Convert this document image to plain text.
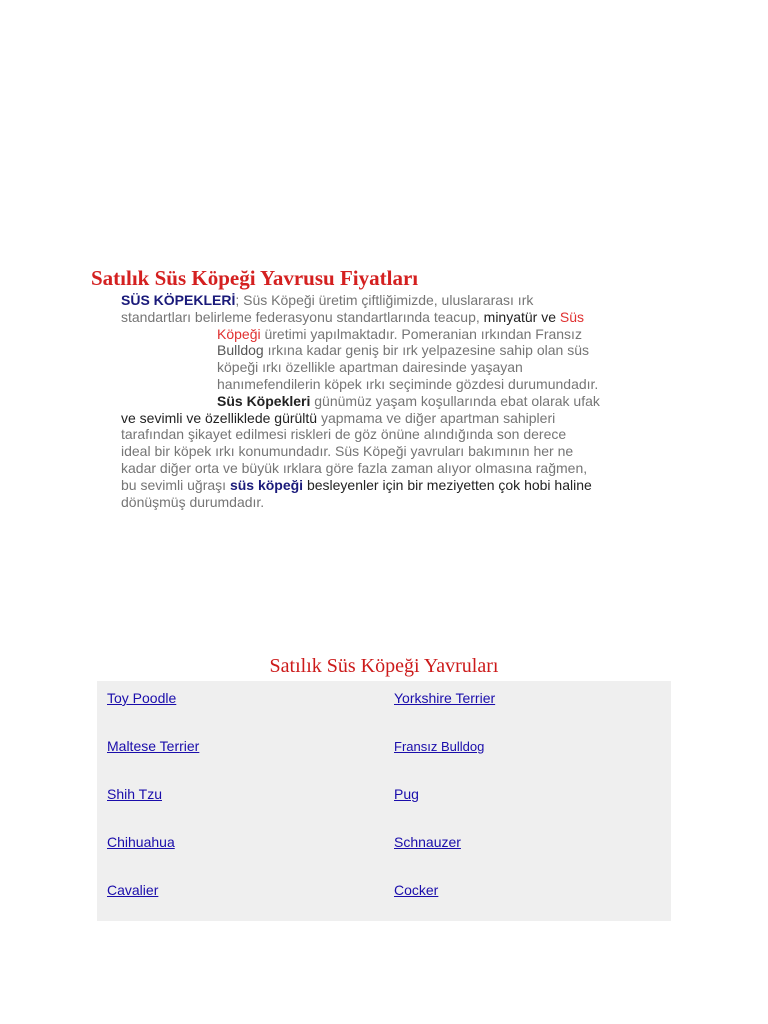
Satılık Süs Köpeği Yavrusu Fiyatları
SÜS KÖPEKLERİ; Süs Köpeği üretim çiftliğimizde, uluslararası ırk
standartları belirleme federasyonu standartlarında teacup, minyatür ve Süs
Köpeği üretimi yapılmaktadır. Pomeranian ırkından Fransız
Bulldog ırkına kadar geniş bir ırk yelpazesine sahip olan süs
köpeği ırkı özellikle apartman dairesinde yaşayan
hanımefendilerin köpek ırkı seçiminde gözdesi durumundadır.
Süs Köpekleri günümüz yaşam koşullarında ebat olarak ufak
ve sevimli ve özelliklede gürültü yapmama ve diğer apartman sahipleri
tarafından şikayet edilmesi riskleri de göz önüne alındığında son derece
ideal bir köpek ırkı konumundadır. Süs Köpeği yavruları bakımının her ne
kadar diğer orta ve büyük ırklara göre fazla zaman alıyor olmasına rağmen,
bu sevimli uğraşı süs köpeği besleyenler için bir meziyetten çok hobi haline
dönüşmüş durumdadır.
Satılık Süs Köpeği Yavruları
Toy Poodle	Yorkshire Terrier
Maltese Terrier	Fransız Bulldog
Shih Tzu	Pug
Chihuahua	Schnauzer
Cavalier	Cocker
